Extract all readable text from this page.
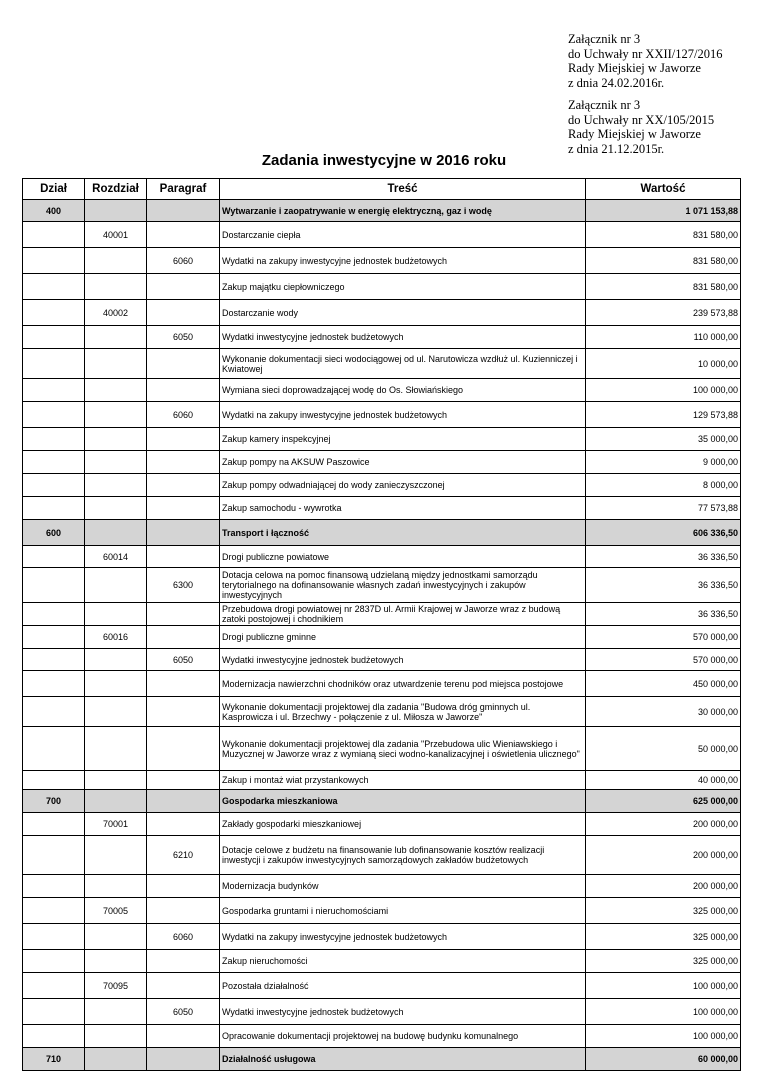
Załącznik nr 3
do Uchwały nr XXII/127/2016
Rady Miejskiej w Jaworze
z dnia 24.02.2016r.
Załącznik nr 3
do Uchwały nr XX/105/2015
Rady Miejskiej w Jaworze
z dnia 21.12.2015r.
Zadania inwestycyjne w 2016 roku
Dział	Rozdział	Paragraf	Treść	Wartość
400			Wytwarzanie i zaopatrywanie w energię elektryczną, gaz i wodę	1 071 153,88
	40001		Dostarczanie ciepła	831 580,00
		6060	Wydatki na zakupy inwestycyjne jednostek budżetowych	831 580,00
			Zakup majątku ciepłowniczego	831 580,00
	40002		Dostarczanie wody	239 573,88
		6050	Wydatki inwestycyjne jednostek budżetowych	110 000,00
			Wykonanie dokumentacji sieci wodociągowej od ul. Narutowicza wzdłuż ul. Kuzienniczej i Kwiatowej	10 000,00
			Wymiana sieci doprowadzającej wodę do Os. Słowiańskiego	100 000,00
		6060	Wydatki na zakupy inwestycyjne jednostek budżetowych	129 573,88
			Zakup kamery inspekcyjnej	35 000,00
			Zakup pompy na AKSUW Paszowice	9 000,00
			Zakup pompy odwadniającej do wody zanieczyszczonej	8 000,00
			Zakup samochodu - wywrotka	77 573,88
600			Transport i łączność	606 336,50
	60014		Drogi publiczne powiatowe	36 336,50
		6300	Dotacja celowa na pomoc finansową udzielaną między jednostkami samorządu terytorialnego na dofinansowanie własnych zadań inwestycyjnych i zakupów inwestycyjnych	36 336,50
			Przebudowa drogi powiatowej nr 2837D ul. Armii Krajowej w Jaworze wraz z budową zatoki postojowej i chodnikiem	36 336,50
	60016		Drogi publiczne gminne	570 000,00
		6050	Wydatki inwestycyjne jednostek budżetowych	570 000,00
			Modernizacja nawierzchni chodników oraz utwardzenie terenu pod miejsca postojowe	450 000,00
			Wykonanie dokumentacji projektowej dla zadania "Budowa dróg gminnych ul. Kasprowicza i ul. Brzechwy - połączenie z ul. Miłosza w Jaworze"	30 000,00
			Wykonanie dokumentacji projektowej dla zadania "Przebudowa ulic Wieniawskiego i Muzycznej w Jaworze wraz z wymianą sieci wodno-kanalizacyjnej i oświetlenia ulicznego"	50 000,00
			Zakup i montaż wiat przystankowych	40 000,00
700			Gospodarka mieszkaniowa	625 000,00
	70001		Zakłady gospodarki mieszkaniowej	200 000,00
		6210	Dotacje celowe z budżetu na finansowanie lub dofinansowanie kosztów realizacji inwestycji i zakupów inwestycyjnych samorządowych zakładów budżetowych	200 000,00
			Modernizacja budynków	200 000,00
	70005		Gospodarka gruntami i nieruchomościami	325 000,00
		6060	Wydatki na zakupy inwestycyjne jednostek budżetowych	325 000,00
			Zakup nieruchomości	325 000,00
	70095		Pozostała działalność	100 000,00
		6050	Wydatki inwestycyjne jednostek budżetowych	100 000,00
			Opracowanie dokumentacji projektowej na budowę budynku komunalnego	100 000,00
710			Działalność usługowa	60 000,00
